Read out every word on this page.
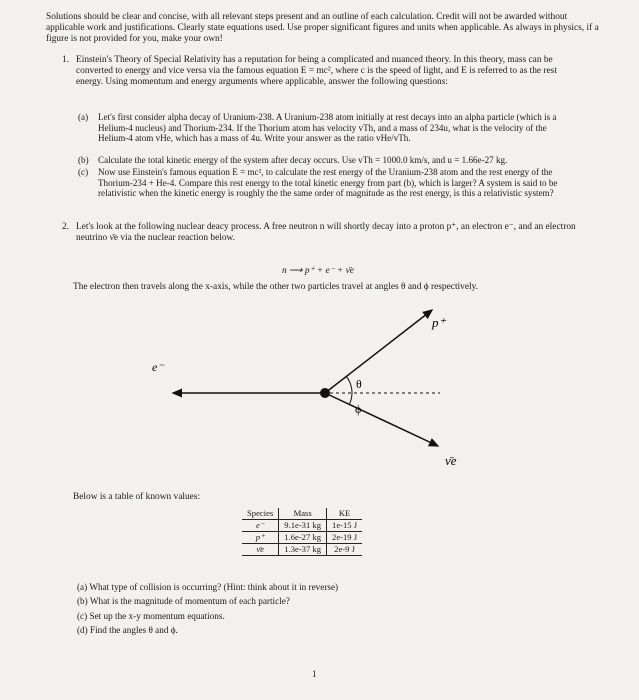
Solutions should be clear and concise, with all relevant steps present and an outline of each calculation. Credit will not be awarded without applicable work and justifications. Clearly state equations used. Use proper significant figures and units when applicable. As always in physics, if a figure is not provided for you, make your own!

1. Einstein's Theory of Special Relativity has a reputation for being a complicated and nuanced theory. In this theory, mass can be converted to energy and vice versa via the famous equation E = mc², where c is the speed of light, and E is referred to as the rest energy. Using momentum and energy arguments where applicable, answer the following questions:

(a) Let's first consider alpha decay of Uranium-238. A Uranium-238 atom initially at rest decays into an alpha particle (which is a Helium-4 nucleus) and Thorium-234. If the Thorium atom has velocity vTh, and a mass of 234u, what is the velocity of the Helium-4 atom vHe, which has a mass of 4u. Write your answer as the ratio vHe/vTh.

(b) Calculate the total kinetic energy of the system after decay occurs. Use vTh = 1000.0 km/s, and u = 1.66e-27 kg.

(c) Now use Einstein's famous equation E = mc², to calculate the rest energy of the Uranium-238 atom and the rest energy of the Thorium-234 + He-4. Compare this rest energy to the total kinetic energy from part (b), which is larger? A system is said to be relativistic when the kinetic energy is roughly the the same order of magnitude as the rest energy, is this a relativistic system?

2. Let's look at the following nuclear deacy process. A free neutron n will shortly decay into a proton p⁺, an electron e⁻, and an electron neutrino ν̄e via the nuclear reaction below.

n ⟶ p⁺ + e⁻ + ν̄e

The electron then travels along the x-axis, while the other two particles travel at angles θ and ϕ respectively.

e⁻
p⁺
ν̄e
θ
ϕ

Below is a table of known values:

Species	Mass	KE
e⁻	9.1e-31 kg	1e-15 J
p⁺	1.6e-27 kg	2e-19 J
ν̄e	1.3e-37 kg	2e-9 J

(a) What type of collision is occurring? (Hint: think about it in reverse)

(b) What is the magnitude of momentum of each particle?

(c) Set up the x-y momentum equations.

(d) Find the angles θ and ϕ.

1
